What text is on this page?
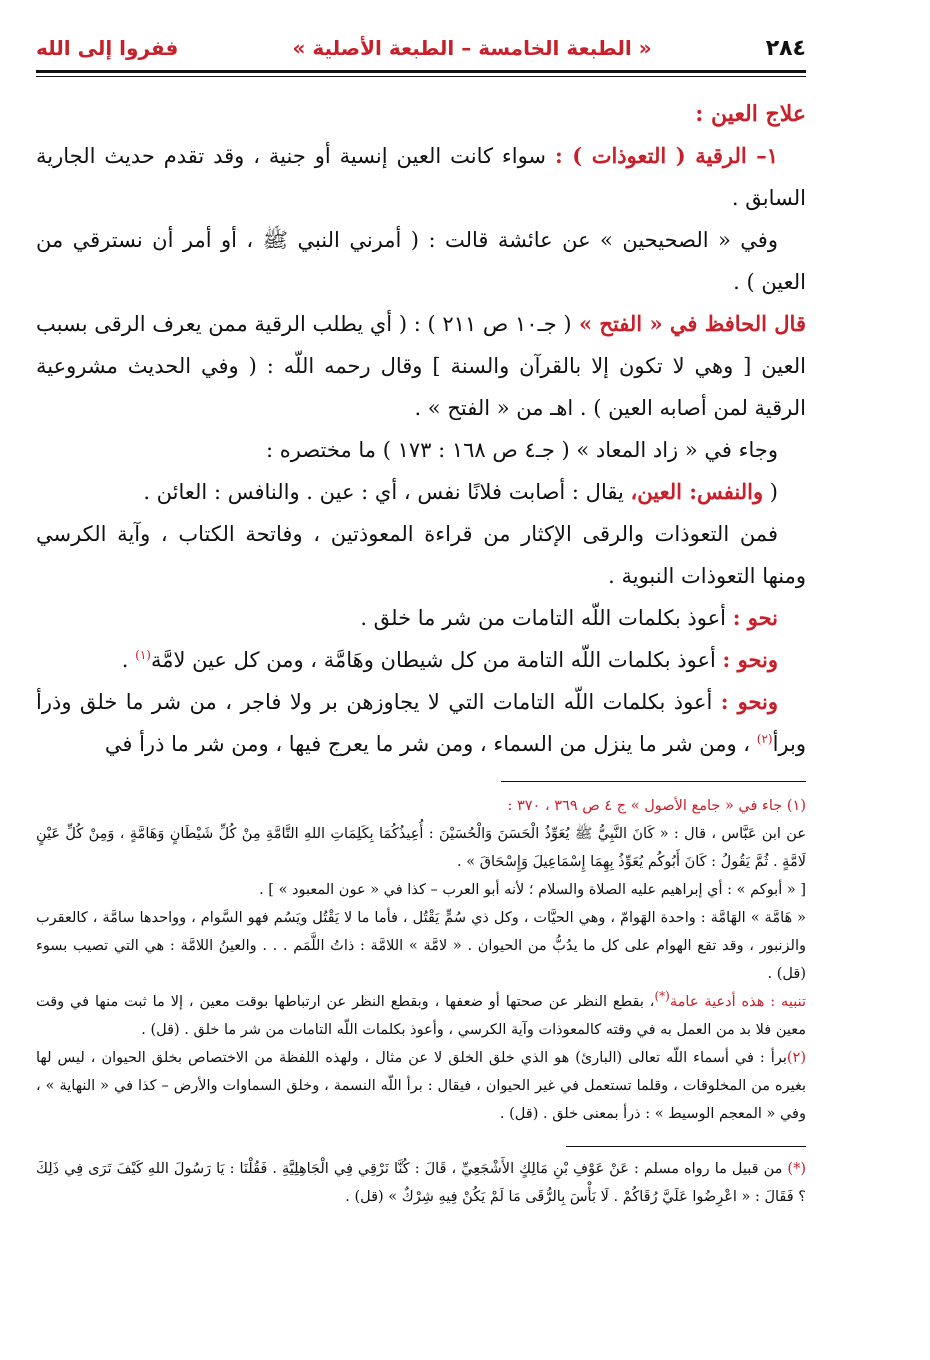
٢٨٤
« الطبعة الخامسة – الطبعة الأصلية »
ففروا إلى الله

علاج العين :

١– الرقية ( التعوذات ) : سواء كانت العين إنسية أو جنية ، وقد تقدم حديث الجارية السابق .

وفي « الصحيحين » عن عائشة قالت : ( أمرني النبي ﷺ ، أو أمر أن نسترقي من العين ) .

قال الحافظ في « الفتح » ( جـ١٠ ص ٢١١ ) : ( أي يطلب الرقية ممن يعرف الرقى بسبب العين [ وهي لا تكون إلا بالقرآن والسنة ] وقال رحمه اللّه : ( وفي الحديث مشروعية الرقية لمن أصابه العين ) . اهـ من « الفتح » .

وجاء في « زاد المعاد » ( جـ٤ ص ١٦٨ : ١٧٣ ) ما مختصره :

( والنفس: العين، يقال : أصابت فلانًا نفس ، أي : عين . والنافس : العائن .

فمن التعوذات والرقى الإكثار من قراءة المعوذتين ، وفاتحة الكتاب ، وآية الكرسي ومنها التعوذات النبوية .

نحو : أعوذ بكلمات اللّه التامات من شر ما خلق .

ونحو : أعوذ بكلمات اللّه التامة من كل شيطان وهَامَّة ، ومن كل عين لامَّة$^{(١)}$ .

ونحو : أعوذ بكلمات اللّه التامات التي لا يجاوزهن بر ولا فاجر ، من شر ما خلق وذرأ وبرأ$^{(٢)}$ ، ومن شر ما ينزل من السماء ، ومن شر ما يعرج فيها ، ومن شر ما ذرأ في

(١) جاء في « جامع الأصول » ج ٤ ص ٣٦٩ ، ٣٧٠ :

عن ابن عَبَّاس ، قال : « كَانَ النَّبِيُّ ﷺ يُعَوِّذُ الْحَسَنَ وَالْحُسَيْنَ : أُعِيذُكُمَا بِكَلِمَاتِ اللهِ التَّامَّةِ مِنْ كُلِّ شَيْطَانٍ وَهَامَّةٍ ، وَمِنْ كُلِّ عَيْنٍ لَامَّةٍ . ثُمَّ يَقُولُ : كَانَ أَبُوكُم يُعَوِّذُ بِهِمَا إِسْمَاعِيلَ وَإِسْحَاقَ » .

[ « أبوكم » : أي إبراهيم عليه الصلاة والسلام ؛ لأنه أبو العرب – كذا في « عون المعبود » ] .

« هَامَّة » الهَامَّة : واحدة الهَوامّ ، وهي الحيَّات ، وكل ذي سُمٍّ يَقْتُل ، فأما ما لا يَقْتُل ويَسُم فهو السَّوام ، وواحدها سامَّة ، كالعقرب والزنبور ، وقد تقع الهوام على كل ما يدُبُّ من الحيوان . « لامَّة » اللامَّة : ذاتُ اللَّمَم . . . والعينُ اللامَّة : هي التي تصيب بسوء (قل) .

تنبيه : هذه أدعية عامة(*)، بقطع النظر عن صحتها أو ضعفها ، وبقطع النظر عن ارتباطها بوقت معين ، إلا ما ثبت منها في وقت معين فلا بد من العمل به في وقته كالمعوذات وآية الكرسي ، وأعوذ بكلمات اللّه التامات من شر ما خلق . (قل) .

(٢)برأ : في أسماء اللّه تعالى (البارئ) هو الذي خلق الخلق لا عن مثال ، ولهذه اللفظة من الاختصاص بخلق الحيوان ، ليس لها بغيره من المخلوقات ، وقلما تستعمل في غير الحيوان ، فيقال : برأ اللّه النسمة ، وخلق السماوات والأرض – كذا في « النهاية » ، وفي « المعجم الوسيط » : ذرأ بمعنى خلق . (قل) .

(*) من قبيل ما رواه مسلم : عَنْ عَوْفِ بْنِ مَالِكٍ الأَشْجَعِيِّ ، قَالَ : كُنَّا نَرْقِي فِي الْجَاهِلِيَّةِ . فَقُلْنَا : يَا رَسُولَ اللهِ كَيْفَ تَرَى فِي ذَلِكَ ؟ فَقَالَ : « اعْرِضُوا عَلَيَّ رُقَاكُمْ . لَا بَأْسَ بِالرُّقَى مَا لَمْ يَكُنْ فِيهِ شِرْكٌ » (قل) .
